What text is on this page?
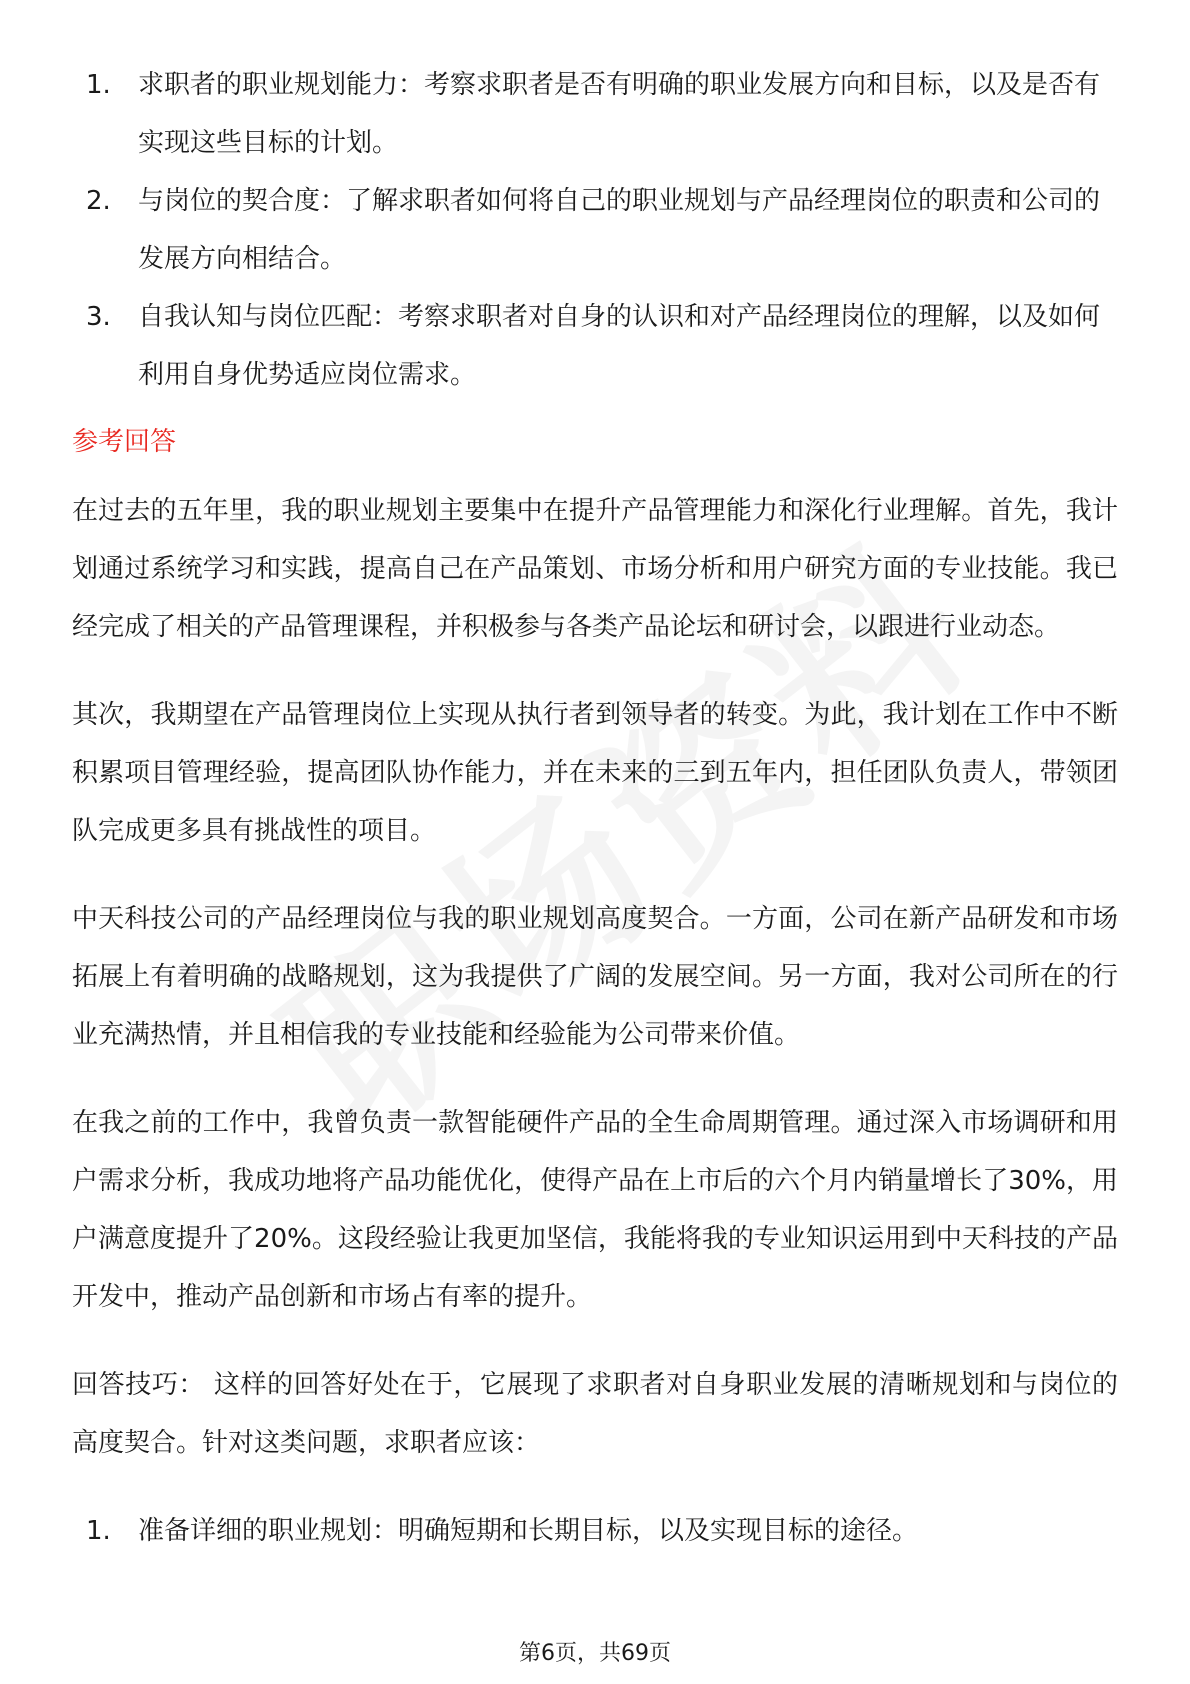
1.	求职者的职业规划能力：考察求职者是否有明确的职业发展方向和目标，以及是否有实现这些目标的计划。
2.	与岗位的契合度：了解求职者如何将自己的职业规划与产品经理岗位的职责和公司的发展方向相结合。
3.	自我认知与岗位匹配：考察求职者对自身的认识和对产品经理岗位的理解，以及如何利用自身优势适应岗位需求。
参考回答

在过去的五年里，我的职业规划主要集中在提升产品管理能力和深化行业理解。首先，我计划通过系统学习和实践，提高自己在产品策划、市场分析和用户研究方面的专业技能。我已经完成了相关的产品管理课程，并积极参与各类产品论坛和研讨会，以跟进行业动态。

其次，我期望在产品管理岗位上实现从执行者到领导者的转变。为此，我计划在工作中不断积累项目管理经验，提高团队协作能力，并在未来的三到五年内，担任团队负责人，带领团队完成更多具有挑战性的项目。

中天科技公司的产品经理岗位与我的职业规划高度契合。一方面，公司在新产品研发和市场拓展上有着明确的战略规划，这为我提供了广阔的发展空间。另一方面，我对公司所在的行业充满热情，并且相信我的专业技能和经验能为公司带来价值。

在我之前的工作中，我曾负责一款智能硬件产品的全生命周期管理。通过深入市场调研和用户需求分析，我成功地将产品功能优化，使得产品在上市后的六个月内销量增长了30%，用户满意度提升了20%。这段经验让我更加坚信，我能将我的专业知识运用到中天科技的产品开发中，推动产品创新和市场占有率的提升。

回答技巧： 这样的回答好处在于，它展现了求职者对自身职业发展的清晰规划和与岗位的高度契合。针对这类问题，求职者应该：

1.	准备详细的职业规划：明确短期和长期目标，以及实现目标的途径。
第6页，共69页
